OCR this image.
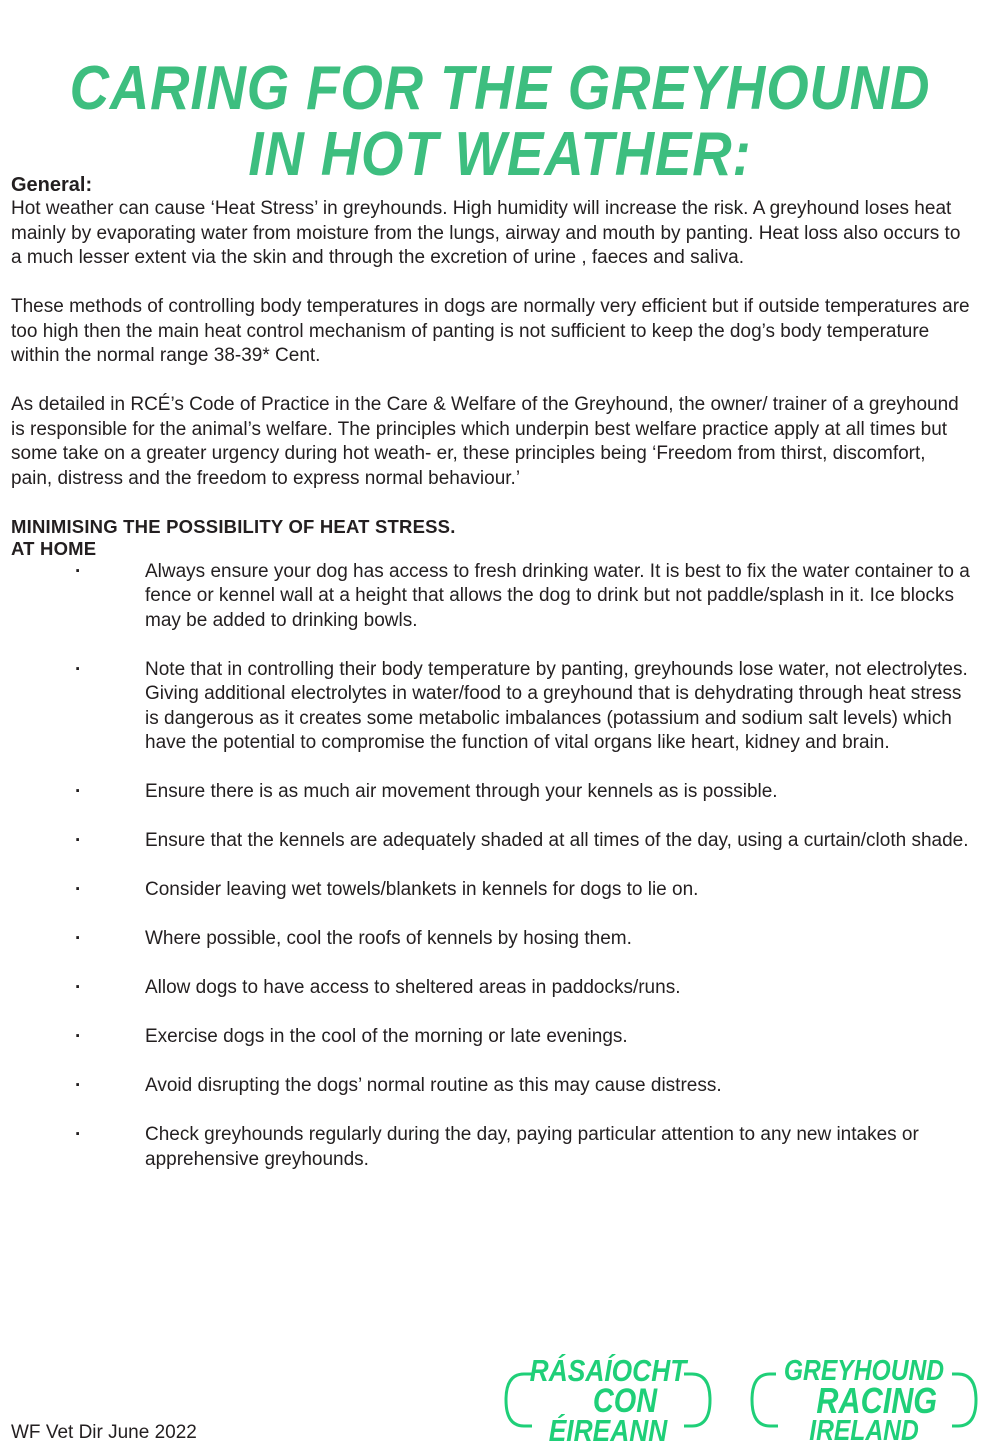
CARING FOR THE GREYHOUND
IN HOT WEATHER:
General:

Hot weather can cause ‘Heat Stress’ in greyhounds. High humidity will increase the risk. A greyhound loses heat mainly by evaporating water from moisture from the lungs, airway and mouth by panting. Heat loss also occurs to a much lesser extent via the skin and through the excretion of urine , faeces and saliva.

These methods of controlling body temperatures in dogs are normally very efficient but if outside temperatures are too high then the main heat control mechanism of panting is not sufficient to keep the dog’s body temperature within the normal range 38-39* Cent.

As detailed in RCÉ’s Code of Practice in the Care & Welfare of the Greyhound, the owner/ trainer of a greyhound is responsible for the animal’s welfare. The principles which underpin best welfare practice apply at all times but some take on a greater urgency during hot weath- er, these principles being ‘Freedom from thirst, discomfort, pain, distress and the freedom to express normal behaviour.’

MINIMISING THE POSSIBILITY OF HEAT STRESS.
AT HOME
·	Always ensure your dog has access to fresh drinking water. It is best to fix the water container to a fence or kennel wall at a height that allows the dog to drink but not paddle/splash in it. Ice blocks may be added to drinking bowls.
·	Note that in controlling their body temperature by panting, greyhounds lose water, not electrolytes. Giving additional electrolytes in water/food to a greyhound that is dehydrating through heat stress is dangerous as it creates some metabolic imbalances (potassium and sodium salt levels) which have the potential to compromise the function of vital organs like heart, kidney and brain.
·	Ensure there is as much air movement through your kennels as is possible.
·	Ensure that the kennels are adequately shaded at all times of the day, using a curtain/cloth shade.
·	Consider leaving wet towels/blankets in kennels for dogs to lie on.
·	Where possible, cool the roofs of kennels by hosing them.
·	Allow dogs to have access to sheltered areas in paddocks/runs.
·	Exercise dogs in the cool of the morning or late evenings.
·	Avoid disrupting the dogs’ normal routine as this may cause distress.
·	Check greyhounds regularly during the day, paying particular attention to any new intakes or apprehensive greyhounds.
WF Vet Dir June 2022
RÁSAÍOCHT
CON
ÉIREANN
GREYHOUND
RACING
IRELAND
